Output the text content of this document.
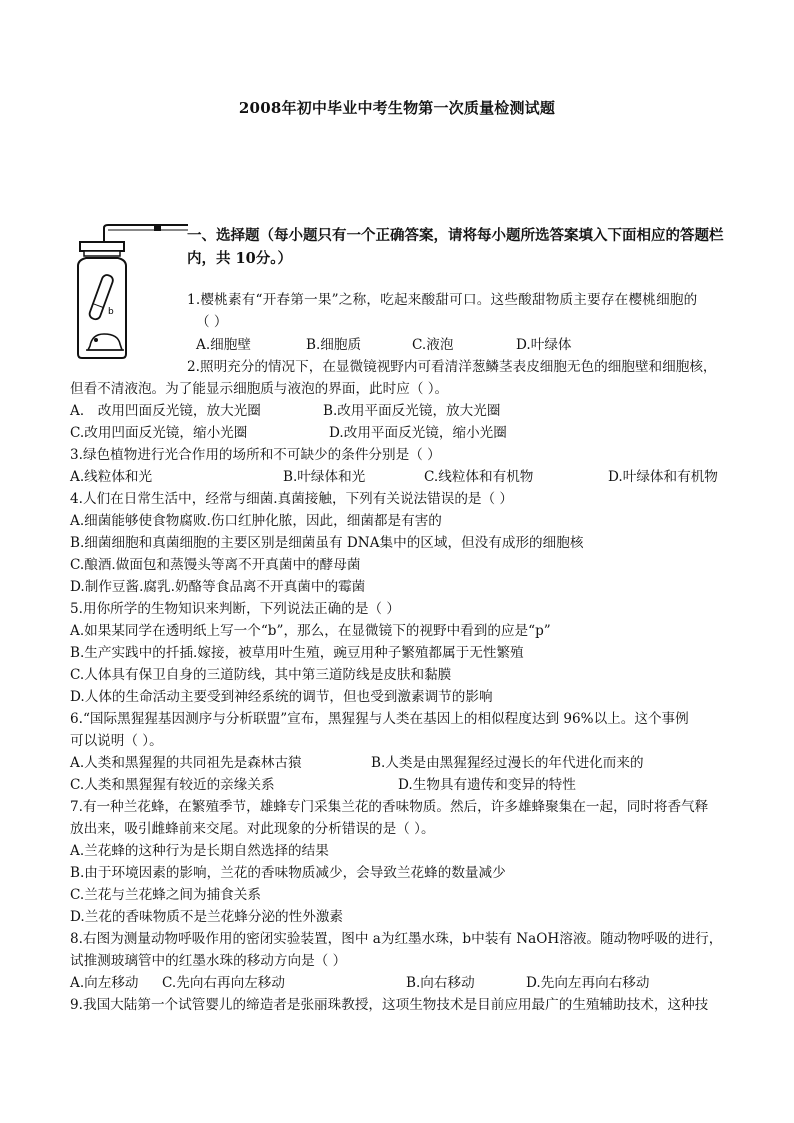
2008年初中毕业中考生物第一次质量检测试题
b
一、选择题（每小题只有一个正确答案，请将每小题所选答案填入下面相应的答题栏
内，共 10分。）
1.樱桃素有“开春第一果”之称，吃起来酸甜可口。这些酸甜物质主要存在樱桃细胞的
（ ）
A.细胞壁	B.细胞质	C.液泡	D.叶绿体
2.照明充分的情况下，在显微镜视野内可看清洋葱鳞茎表皮细胞无色的细胞壁和细胞核，
但看不清液泡。为了能显示细胞质与液泡的界面，此时应（ ）。
A． 改用凹面反光镜，放大光圈	B.改用平面反光镜，放大光圈
C.改用凹面反光镜，缩小光圈	D.改用平面反光镜，缩小光圈
3.绿色植物进行光合作用的场所和不可缺少的条件分别是（ ）
A.线粒体和光	B.叶绿体和光	C.线粒体和有机物	D.叶绿体和有机物
4.人们在日常生活中，经常与细菌.真菌接触，下列有关说法错误的是（ ）
A.细菌能够使食物腐败.伤口红肿化脓，因此，细菌都是有害的
B.细菌细胞和真菌细胞的主要区别是细菌虽有 DNA集中的区域，但没有成形的细胞核
C.酿酒.做面包和蒸馒头等离不开真菌中的酵母菌
D.制作豆酱.腐乳.奶酪等食品离不开真菌中的霉菌
5.用你所学的生物知识来判断，下列说法正确的是（ ）
A.如果某同学在透明纸上写一个“b”，那么，在显微镜下的视野中看到的应是“p”
B.生产实践中的扦插.嫁接，被草用叶生殖，豌豆用种子繁殖都属于无性繁殖
C.人体具有保卫自身的三道防线，其中第三道防线是皮肤和黏膜
D.人体的生命活动主要受到神经系统的调节，但也受到激素调节的影响
6.“国际黑猩猩基因测序与分析联盟”宣布，黑猩猩与人类在基因上的相似程度达到 96%以上。这个事例
可以说明（ ）。
A.人类和黑猩猩的共同祖先是森林古猿	B.人类是由黑猩猩经过漫长的年代进化而来的
C.人类和黑猩猩有较近的亲缘关系	D.生物具有遗传和变异的特性
7.有一种兰花蜂，在繁殖季节，雄蜂专门采集兰花的香味物质。然后，许多雄蜂聚集在一起，同时将香气释
放出来，吸引雌蜂前来交尾。对此现象的分析错误的是（ ）。
A.兰花蜂的这种行为是长期自然选择的结果
B.由于环境因素的影响，兰花的香味物质减少，会导致兰花蜂的数量减少
C.兰花与兰花蜂之间为捕食关系
D.兰花的香味物质不是兰花蜂分泌的性外激素
8.右图为测量动物呼吸作用的密闭实验装置，图中 a为红墨水珠，b中装有 NaOH溶液。随动物呼吸的进行，
试推测玻璃管中的红墨水珠的移动方向是（ ）
A.向左移动 C.先向右再向左移动	B.向右移动	D.先向左再向右移动
9.我国大陆第一个试管婴儿的缔造者是张丽珠教授，这项生物技术是目前应用最广的生殖辅助技术，这种技
